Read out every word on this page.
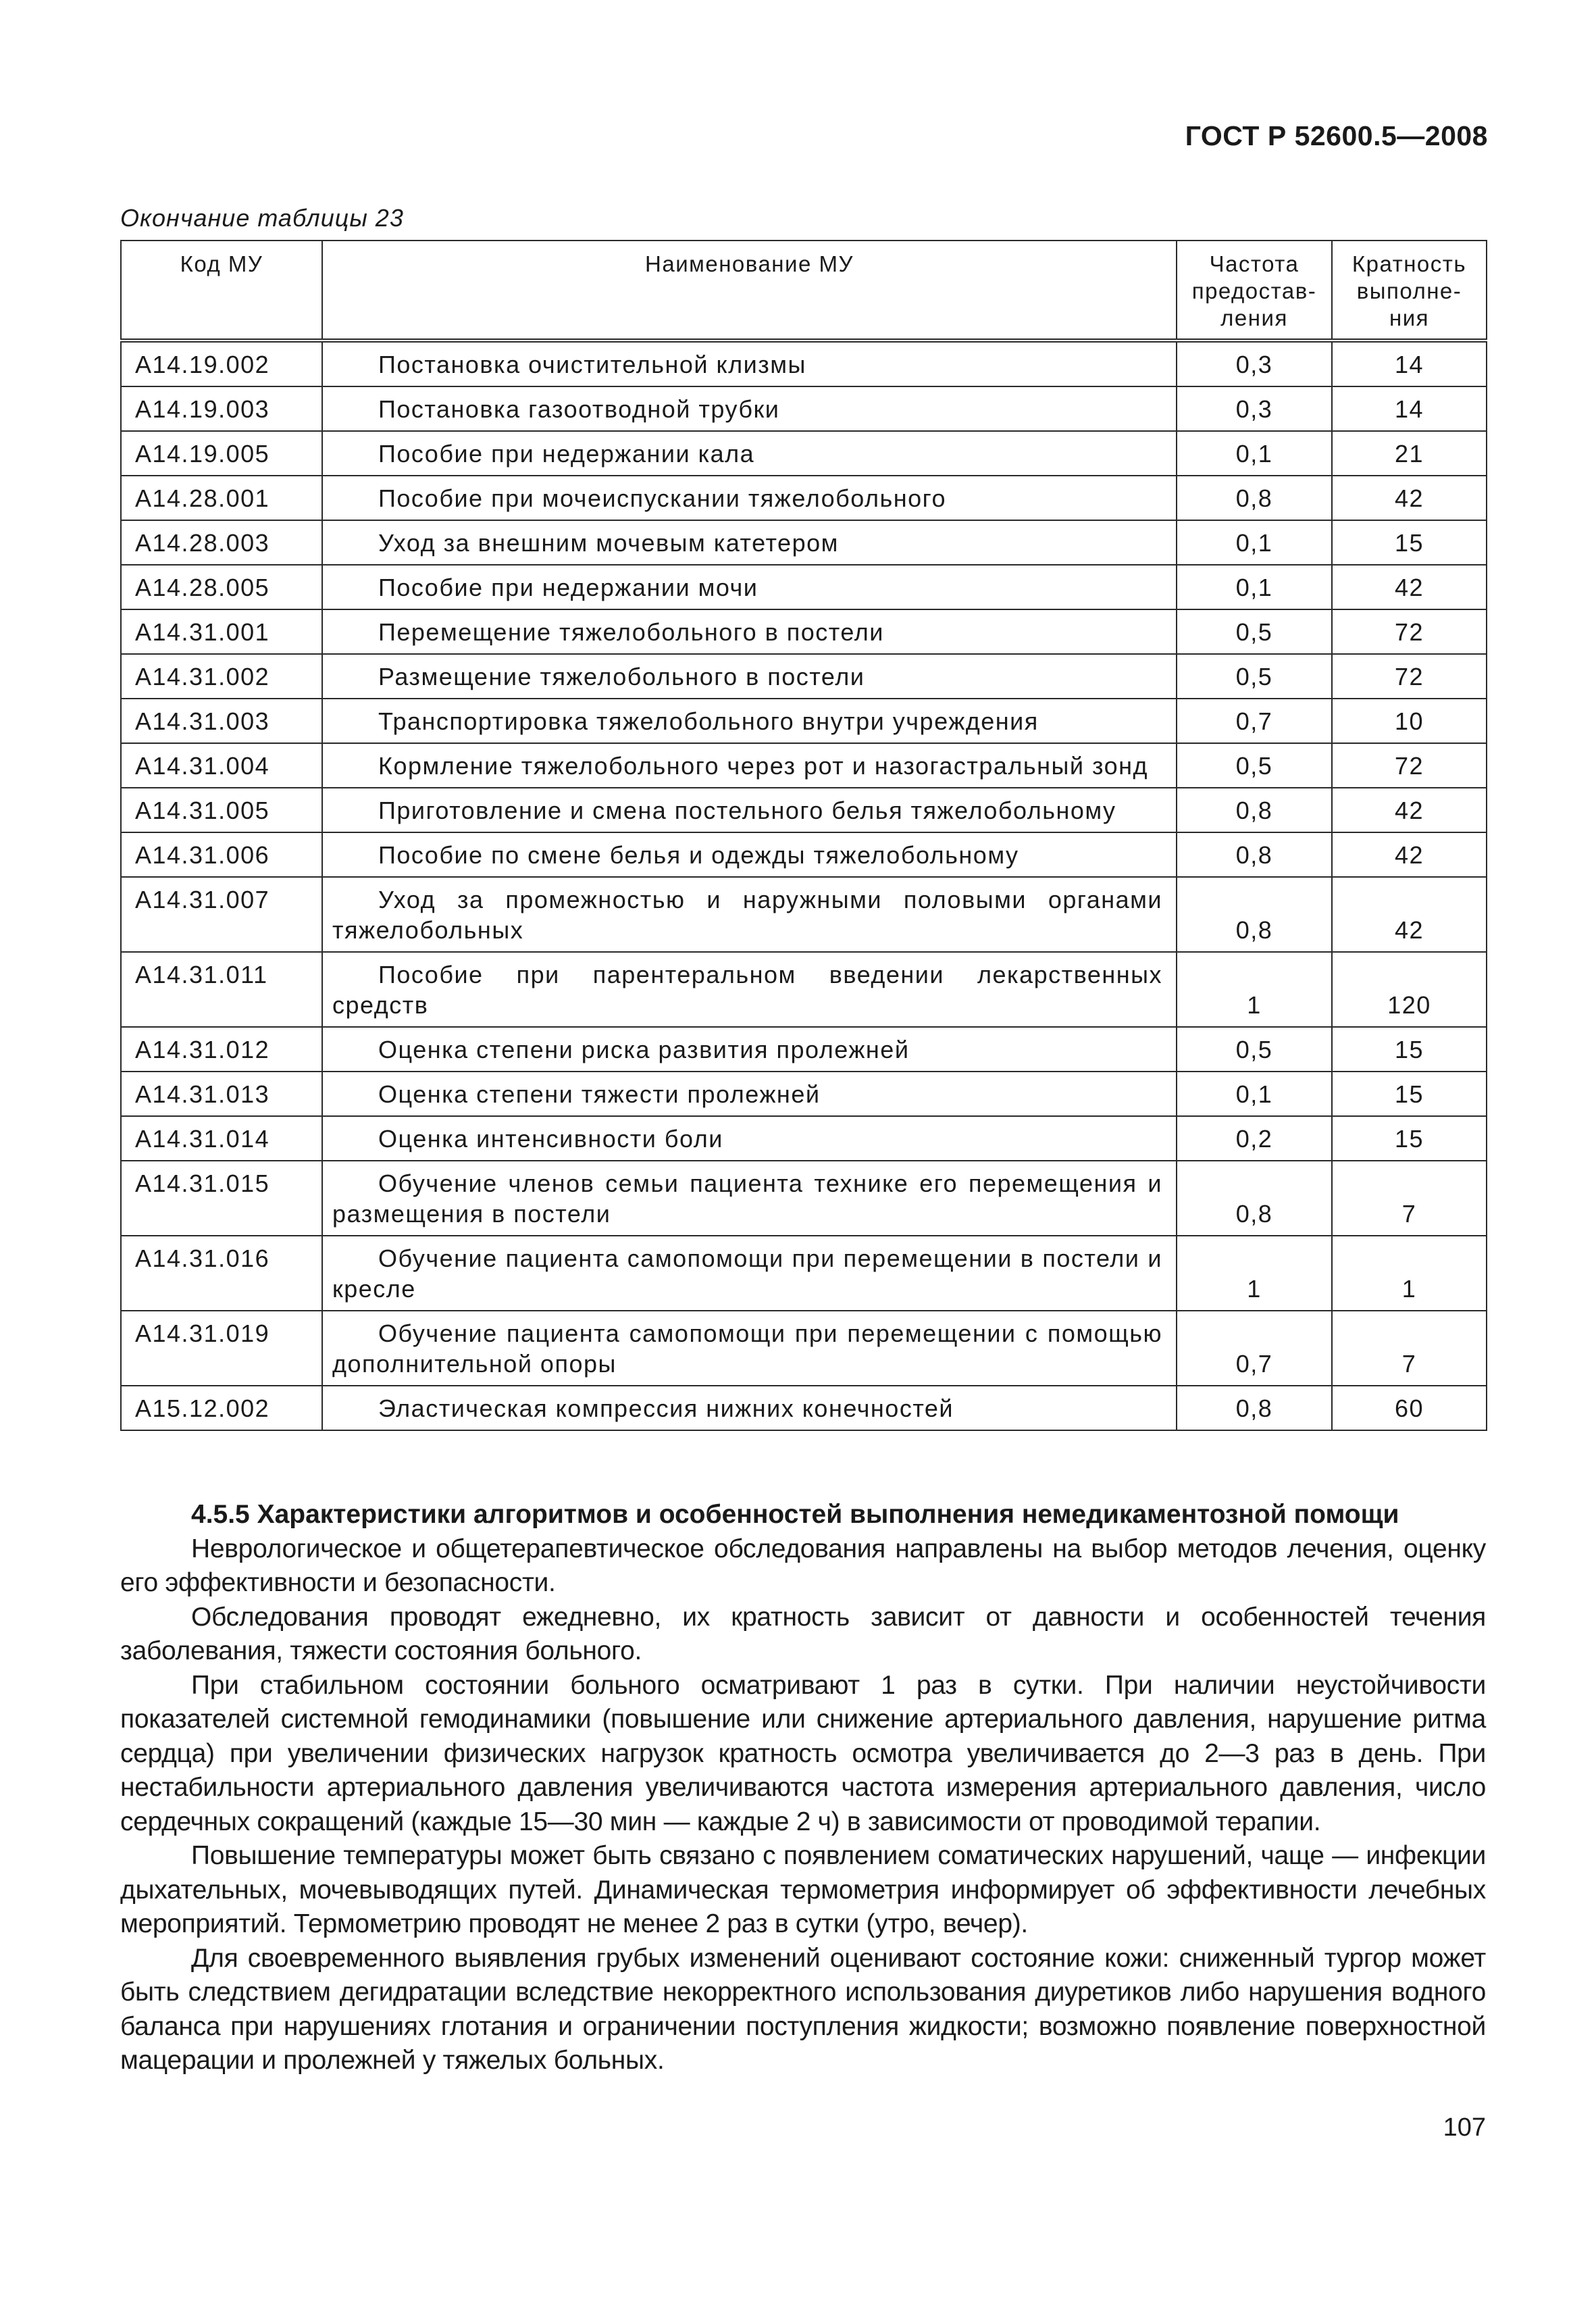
ГОСТ Р 52600.5—2008
Окончание таблицы 23
Код МУ	Наименование МУ	Частота предостав-ления	Кратность выполне-ния
A14.19.002	Постановка очистительной клизмы	0,3	14
A14.19.003	Постановка газоотводной трубки	0,3	14
A14.19.005	Пособие при недержании кала	0,1	21
A14.28.001	Пособие при мочеиспускании тяжелобольного	0,8	42
A14.28.003	Уход за внешним мочевым катетером	0,1	15
A14.28.005	Пособие при недержании мочи	0,1	42
A14.31.001	Перемещение тяжелобольного в постели	0,5	72
A14.31.002	Размещение тяжелобольного в постели	0,5	72
A14.31.003	Транспортировка тяжелобольного внутри учреждения	0,7	10
A14.31.004	Кормление тяжелобольного через рот и назогастральный зонд	0,5	72
A14.31.005	Приготовление и смена постельного белья тяжелобольному	0,8	42
A14.31.006	Пособие по смене белья и одежды тяжелобольному	0,8	42
A14.31.007	Уход за промежностью и наружными половыми органами тяжелобольных	0,8	42
A14.31.011	Пособие при парентеральном введении лекарственных средств	1	120
A14.31.012	Оценка степени риска развития пролежней	0,5	15
A14.31.013	Оценка степени тяжести пролежней	0,1	15
A14.31.014	Оценка интенсивности боли	0,2	15
A14.31.015	Обучение членов семьи пациента технике его перемещения и размещения в постели	0,8	7
A14.31.016	Обучение пациента самопомощи при перемещении в постели и кресле	1	1
A14.31.019	Обучение пациента самопомощи при перемещении с помощью дополнительной опоры	0,7	7
A15.12.002	Эластическая компрессия нижних конечностей	0,8	60

4.5.5 Характеристики алгоритмов и особенностей выполнения немедикаментозной помощи

Неврологическое и общетерапевтическое обследования направлены на выбор методов лечения, оценку его эффективности и безопасности.

Обследования проводят ежедневно, их кратность зависит от давности и особенностей течения заболевания, тяжести состояния больного.

При стабильном состоянии больного осматривают 1 раз в сутки. При наличии неустойчивости показателей системной гемодинамики (повышение или снижение артериального давления, нарушение ритма сердца) при увеличении физических нагрузок кратность осмотра увеличивается до 2—3 раз в день. При нестабильности артериального давления увеличиваются частота измерения артериального давления, число сердечных сокращений (каждые 15—30 мин — каждые 2 ч) в зависимости от проводимой терапии.

Повышение температуры может быть связано с появлением соматических нарушений, чаще — инфекции дыхательных, мочевыводящих путей. Динамическая термометрия информирует об эффективности лечебных мероприятий. Термометрию проводят не менее 2 раз в сутки (утро, вечер).

Для своевременного выявления грубых изменений оценивают состояние кожи: сниженный тургор может быть следствием дегидратации вследствие некорректного использования диуретиков либо нарушения водного баланса при нарушениях глотания и ограничении поступления жидкости; возможно появление поверхностной мацерации и пролежней у тяжелых больных.

107
